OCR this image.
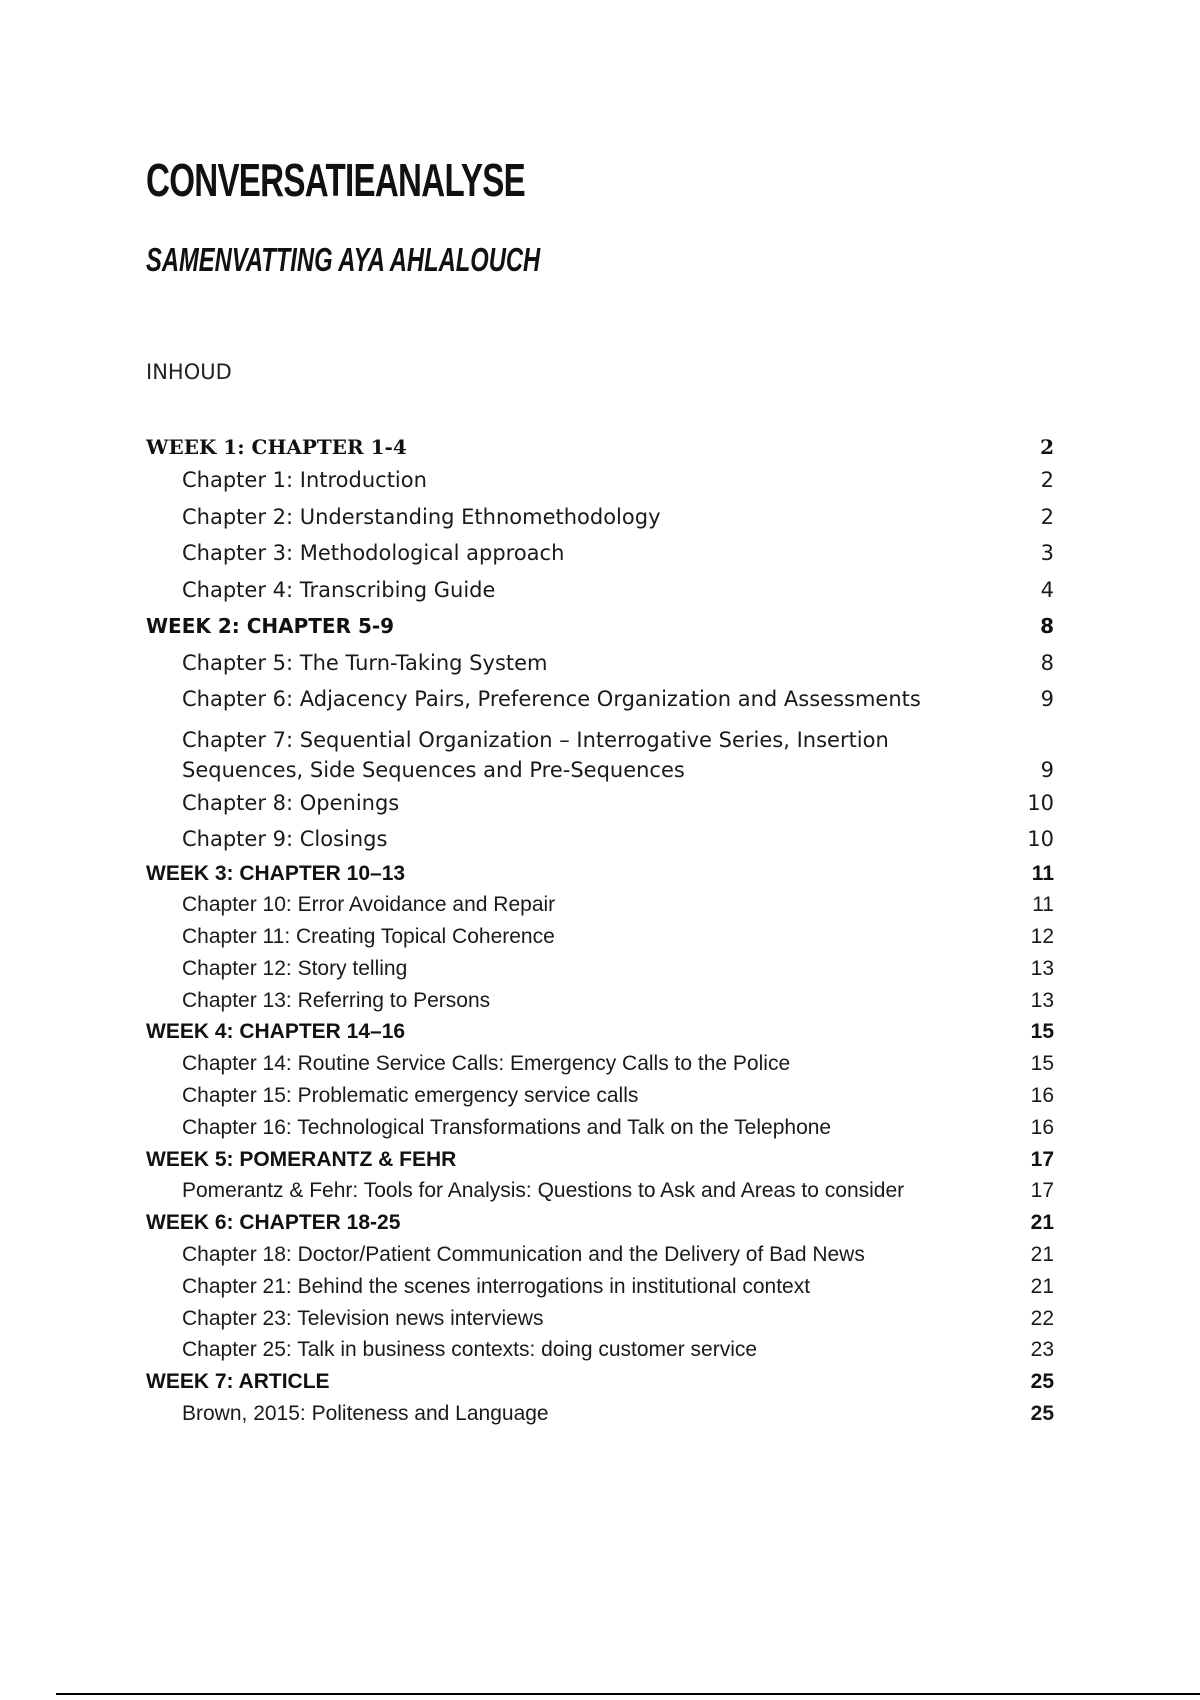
CONVERSATIEANALYSE
SAMENVATTING AYA AHLALOUCH
INHOUD
WEEK 1: CHAPTER 1-4	2
Chapter 1: Introduction	2
Chapter 2: Understanding Ethnomethodology	2
Chapter 3: Methodological approach	3
Chapter 4: Transcribing Guide	4
WEEK 2: CHAPTER 5-9	8
Chapter 5: The Turn-Taking System	8
Chapter 6: Adjacency Pairs, Preference Organization and Assessments	9
Chapter 7: Sequential Organization – Interrogative Series, Insertion Sequences, Side Sequences and Pre-Sequences	9
Chapter 8: Openings	10
Chapter 9: Closings	10
WEEK 3: CHAPTER 10–13	11
Chapter 10: Error Avoidance and Repair	11
Chapter 11: Creating Topical Coherence	12
Chapter 12: Story telling	13
Chapter 13: Referring to Persons	13
WEEK 4: CHAPTER 14–16	15
Chapter 14: Routine Service Calls: Emergency Calls to the Police	15
Chapter 15: Problematic emergency service calls	16
Chapter 16: Technological Transformations and Talk on the Telephone	16
WEEK 5: POMERANTZ & FEHR	17
Pomerantz & Fehr: Tools for Analysis: Questions to Ask and Areas to consider	17
WEEK 6: CHAPTER 18-25	21
Chapter 18: Doctor/Patient Communication and the Delivery of Bad News	21
Chapter 21: Behind the scenes interrogations in institutional context	21
Chapter 23: Television news interviews	22
Chapter 25: Talk in business contexts: doing customer service	23
WEEK 7: ARTICLE	25
Brown, 2015: Politeness and Language	25
